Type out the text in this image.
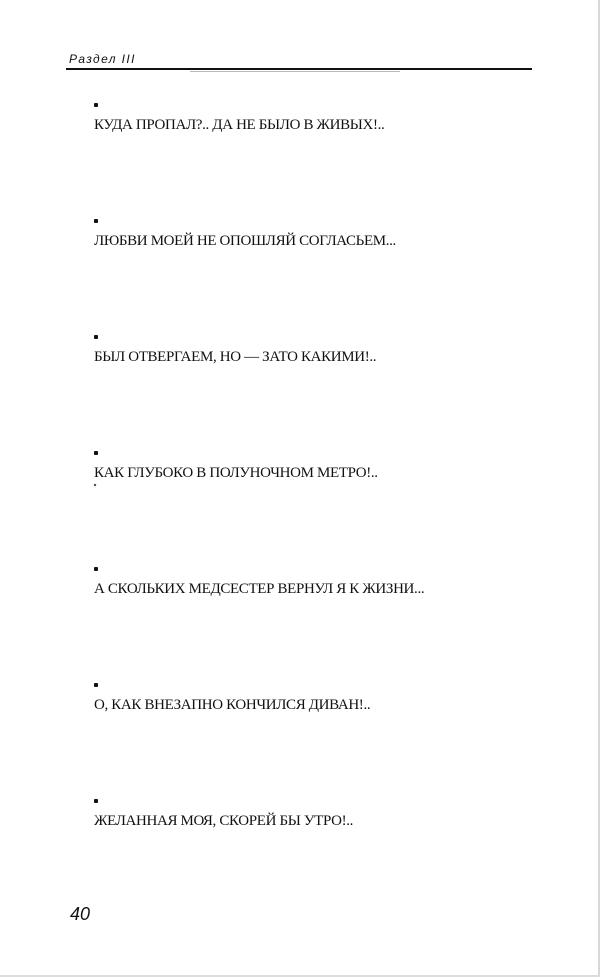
Раздел III
КУДА ПРОПАЛ?.. ДА НЕ БЫЛО В ЖИВЫХ!..
ЛЮБВИ МОЕЙ НЕ ОПОШЛЯЙ СОГЛАСЬЕМ...
БЫЛ ОТВЕРГАЕМ, НО — ЗАТО КАКИМИ!..
КАК ГЛУБОКО В ПОЛУНОЧНОМ МЕТРО!..
А СКОЛЬКИХ МЕДСЕСТЕР ВЕРНУЛ Я К ЖИЗНИ...
О, КАК ВНЕЗАПНО КОНЧИЛСЯ ДИВАН!..
ЖЕЛАННАЯ МОЯ, СКОРЕЙ БЫ УТРО!..
40
